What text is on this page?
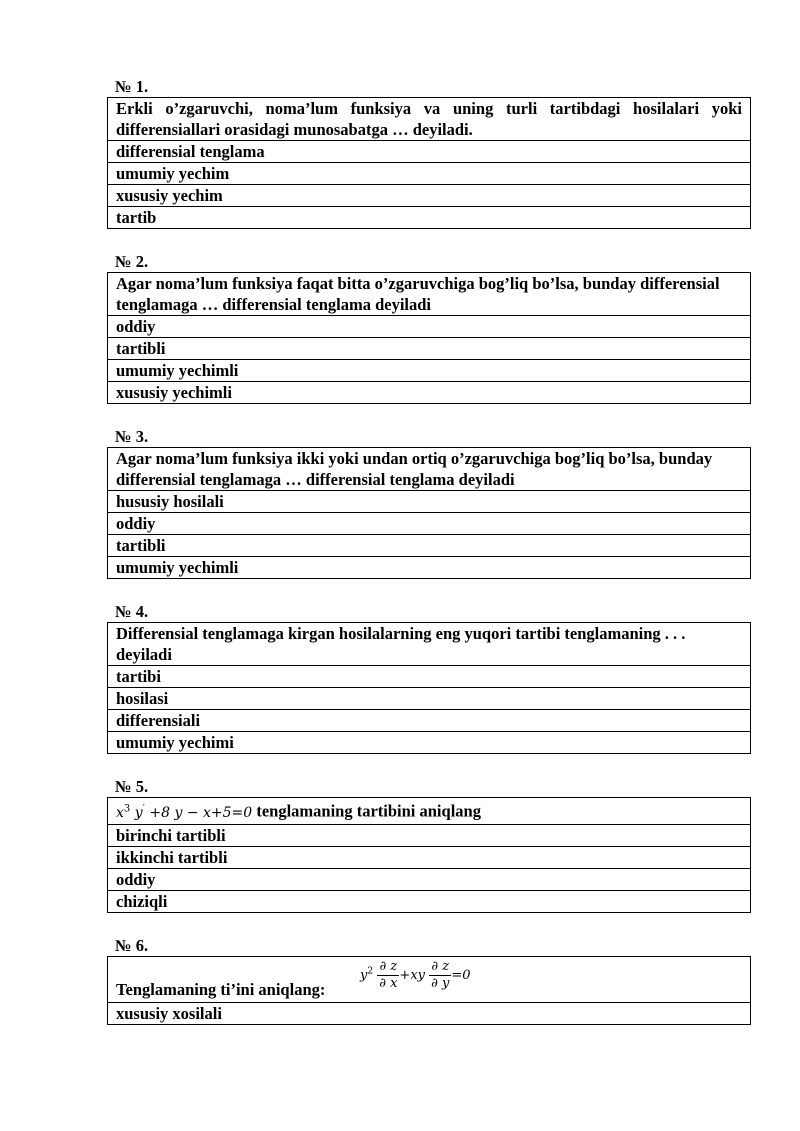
№ 1.
Erkli o’zgaruvchi, noma’lum funksiya va uning turli tartibdagi hosilalari yoki differensiallari orasidagi munosabatga … deyiladi.
differensial tenglama
umumiy yechim
xususiy yechim
tartib
№ 2.
Agar noma’lum funksiya faqat bitta o’zgaruvchiga bog’liq bo’lsa, bunday differensial tenglamaga … differensial tenglama deyiladi
oddiy
tartibli
umumiy yechimli
xususiy yechimli
№ 3.
Agar noma’lum funksiya ikki yoki undan ortiq o’zgaruvchiga bog’liq bo’lsa, bunday differensial tenglamaga … differensial tenglama deyiladi
hususiy hosilali
oddiy
tartibli
umumiy yechimli
№ 4.
Differensial tenglamaga kirgan hosilalarning eng yuqori tartibi tenglamaning . . . deyiladi
tartibi
hosilasi
differensiali
umumiy yechimi
№ 5.
$x^3$ y′ +8 y − x+5=0 tenglamaning tartibini aniqlang
birinchi tartibli
ikkinchi tartibli
oddiy
chiziqli
№ 6.
Tenglamaning ti’ini aniqlang:
$y^2 \frac{\partial z}{\partial x} +xy \frac{\partial z}{\partial y} =0$

xususiy xosilali
